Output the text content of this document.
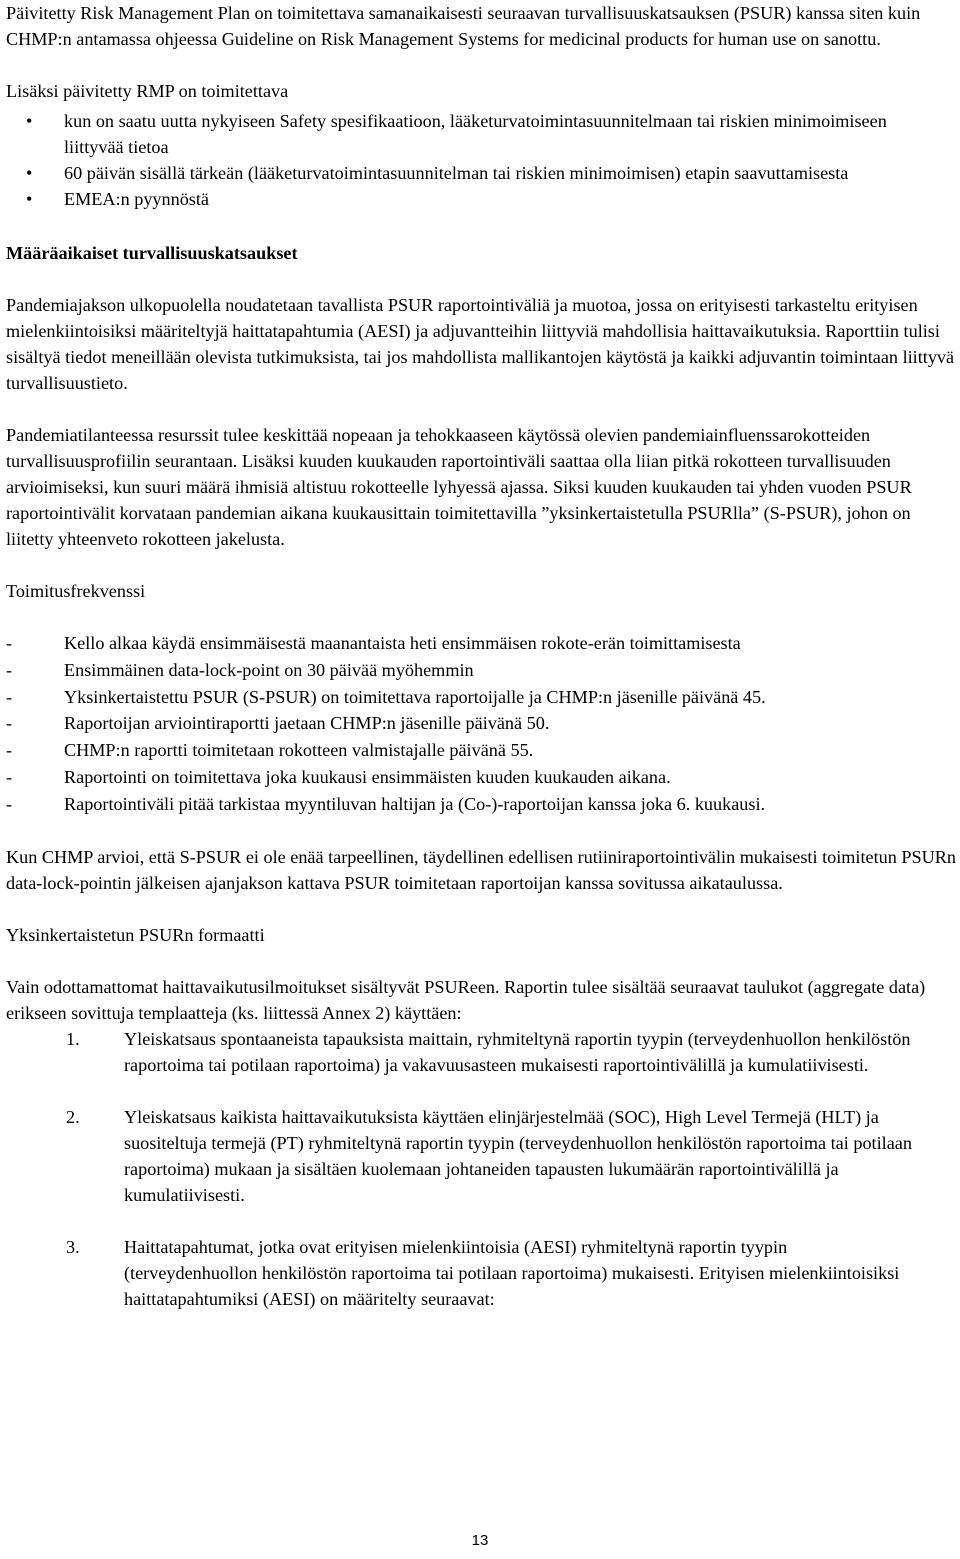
Päivitetty Risk Management Plan on toimitettava samanaikaisesti seuraavan turvallisuuskatsauksen (PSUR) kanssa siten kuin CHMP:n antamassa ohjeessa Guideline on Risk Management Systems for medicinal products for human use on sanottu.

Lisäksi päivitetty RMP on toimitettava

•	kun on saatu uutta nykyiseen Safety spesifikaatioon, lääketurvatoimintasuunnitelmaan tai riskien minimoimiseen liittyvää tietoa
•	60 päivän sisällä tärkeän (lääketurvatoimintasuunnitelman tai riskien minimoimisen) etapin saavuttamisesta
•	EMEA:n pyynnöstä

Määräaikaiset turvallisuuskatsaukset

Pandemiajakson ulkopuolella noudatetaan tavallista PSUR raportointiväliä ja muotoa, jossa on erityisesti tarkasteltu erityisen mielenkiintoisiksi määriteltyjä haittatapahtumia (AESI) ja adjuvantteihin liittyviä mahdollisia haittavaikutuksia. Raporttiin tulisi sisältyä tiedot meneillään olevista tutkimuksista, tai jos mahdollista mallikantojen käytöstä ja kaikki adjuvantin toimintaan liittyvä turvallisuustieto.

Pandemiatilanteessa resurssit tulee keskittää nopeaan ja tehokkaaseen käytössä olevien pandemiainfluenssarokotteiden turvallisuusprofiilin seurantaan. Lisäksi kuuden kuukauden raportointiväli saattaa olla liian pitkä rokotteen turvallisuuden arvioimiseksi, kun suuri määrä ihmisiä altistuu rokotteelle lyhyessä ajassa. Siksi kuuden kuukauden tai yhden vuoden PSUR raportointivälit korvataan pandemian aikana kuukausittain toimitettavilla ”yksinkertaistetulla PSURlla” (S-PSUR), johon on liitetty yhteenveto rokotteen jakelusta.

Toimitusfrekvenssi

-	Kello alkaa käydä ensimmäisestä maanantaista heti ensimmäisen rokote-erän toimittamisesta
-	Ensimmäinen data-lock-point on 30 päivää myöhemmin
-	Yksinkertaistettu PSUR (S-PSUR) on toimitettava raportoijalle ja CHMP:n jäsenille päivänä 45.
-	Raportoijan arviointiraportti jaetaan CHMP:n jäsenille päivänä 50.
-	CHMP:n raportti toimitetaan rokotteen valmistajalle päivänä 55.
-	Raportointi on toimitettava joka kuukausi ensimmäisten kuuden kuukauden aikana.
-	Raportointiväli pitää tarkistaa myyntiluvan haltijan ja (Co-)-raportoijan kanssa joka 6. kuukausi.

Kun CHMP arvioi, että S-PSUR ei ole enää tarpeellinen, täydellinen edellisen rutiiniraportointivälin mukaisesti toimitetun PSURn data-lock-pointin jälkeisen ajanjakson kattava PSUR toimitetaan raportoijan kanssa sovitussa aikataulussa.

Yksinkertaistetun PSURn formaatti

Vain odottamattomat haittavaikutusilmoitukset sisältyvät PSUReen. Raportin tulee sisältää seuraavat taulukot (aggregate data) erikseen sovittuja templaatteja (ks. liittessä Annex 2) käyttäen:

1. Yleiskatsaus spontaaneista tapauksista maittain, ryhmiteltynä raportin tyypin (terveydenhuollon henkilöstön raportoima tai potilaan raportoima) ja vakavuusasteen mukaisesti raportointivälillä ja kumulatiivisesti.
2. Yleiskatsaus kaikista haittavaikutuksista käyttäen elinjärjestelmää (SOC), High Level Termejä (HLT) ja suositeltuja termejä (PT) ryhmiteltynä raportin tyypin (terveydenhuollon henkilöstön raportoima tai potilaan raportoima) mukaan ja sisältäen kuolemaan johtaneiden tapausten lukumäärän raportointivälillä ja kumulatiivisesti.
3. Haittatapahtumat, jotka ovat erityisen mielenkiintoisia (AESI) ryhmiteltynä raportin tyypin (terveydenhuollon henkilöstön raportoima tai potilaan raportoima) mukaisesti. Erityisen mielenkiintoisiksi haittatapahtumiksi (AESI) on määritelty seuraavat:
13
